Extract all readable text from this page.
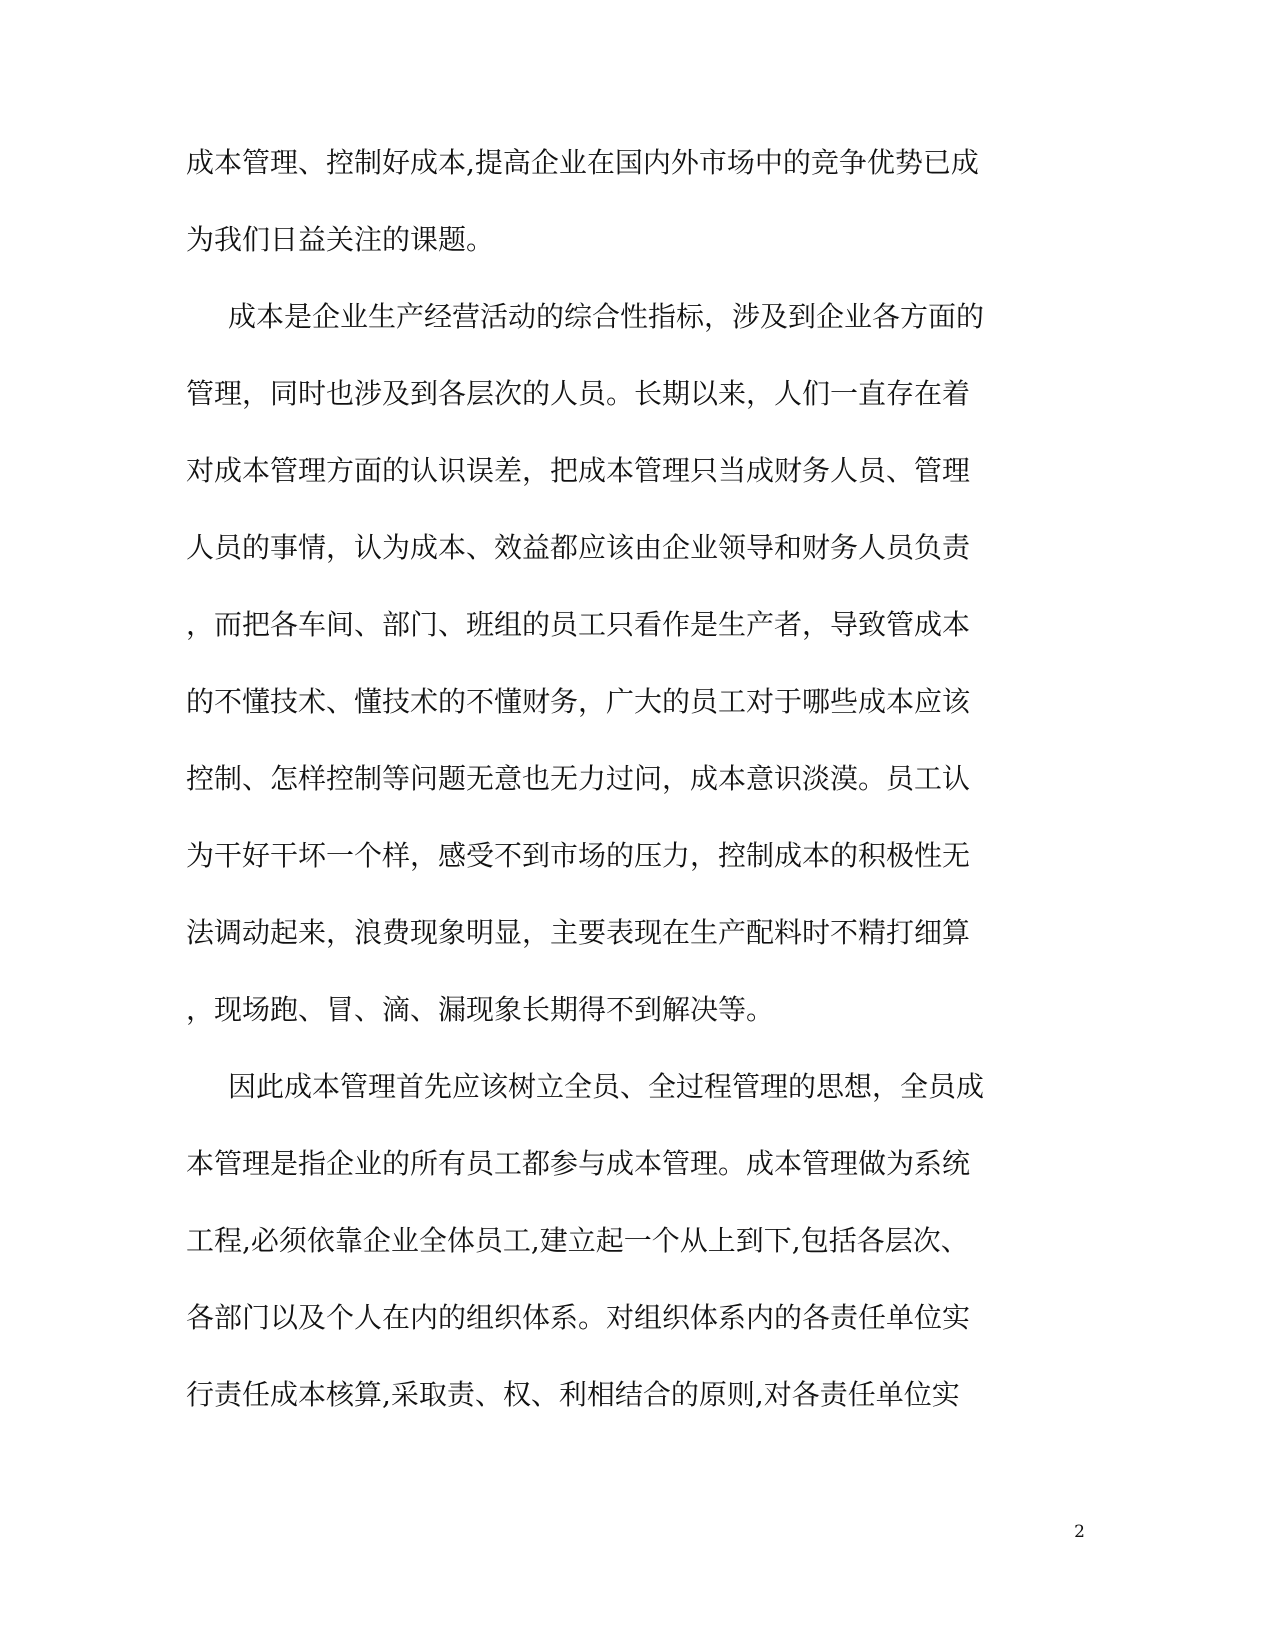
成本管理、控制好成本,提高企业在国内外市场中的竞争优势已成
为我们日益关注的课题。
成本是企业生产经营活动的综合性指标，涉及到企业各方面的
管理，同时也涉及到各层次的人员。长期以来，人们一直存在着
对成本管理方面的认识误差，把成本管理只当成财务人员、管理
人员的事情，认为成本、效益都应该由企业领导和财务人员负责
，而把各车间、部门、班组的员工只看作是生产者，导致管成本
的不懂技术、懂技术的不懂财务，广大的员工对于哪些成本应该
控制、怎样控制等问题无意也无力过问，成本意识淡漠。员工认
为干好干坏一个样，感受不到市场的压力，控制成本的积极性无
法调动起来，浪费现象明显，主要表现在生产配料时不精打细算
，现场跑、冒、滴、漏现象长期得不到解决等。
因此成本管理首先应该树立全员、全过程管理的思想，全员成
本管理是指企业的所有员工都参与成本管理。成本管理做为系统
工程,必须依靠企业全体员工,建立起一个从上到下,包括各层次、
各部门以及个人在内的组织体系。对组织体系内的各责任单位实
行责任成本核算,采取责、权、利相结合的原则,对各责任单位实
2
